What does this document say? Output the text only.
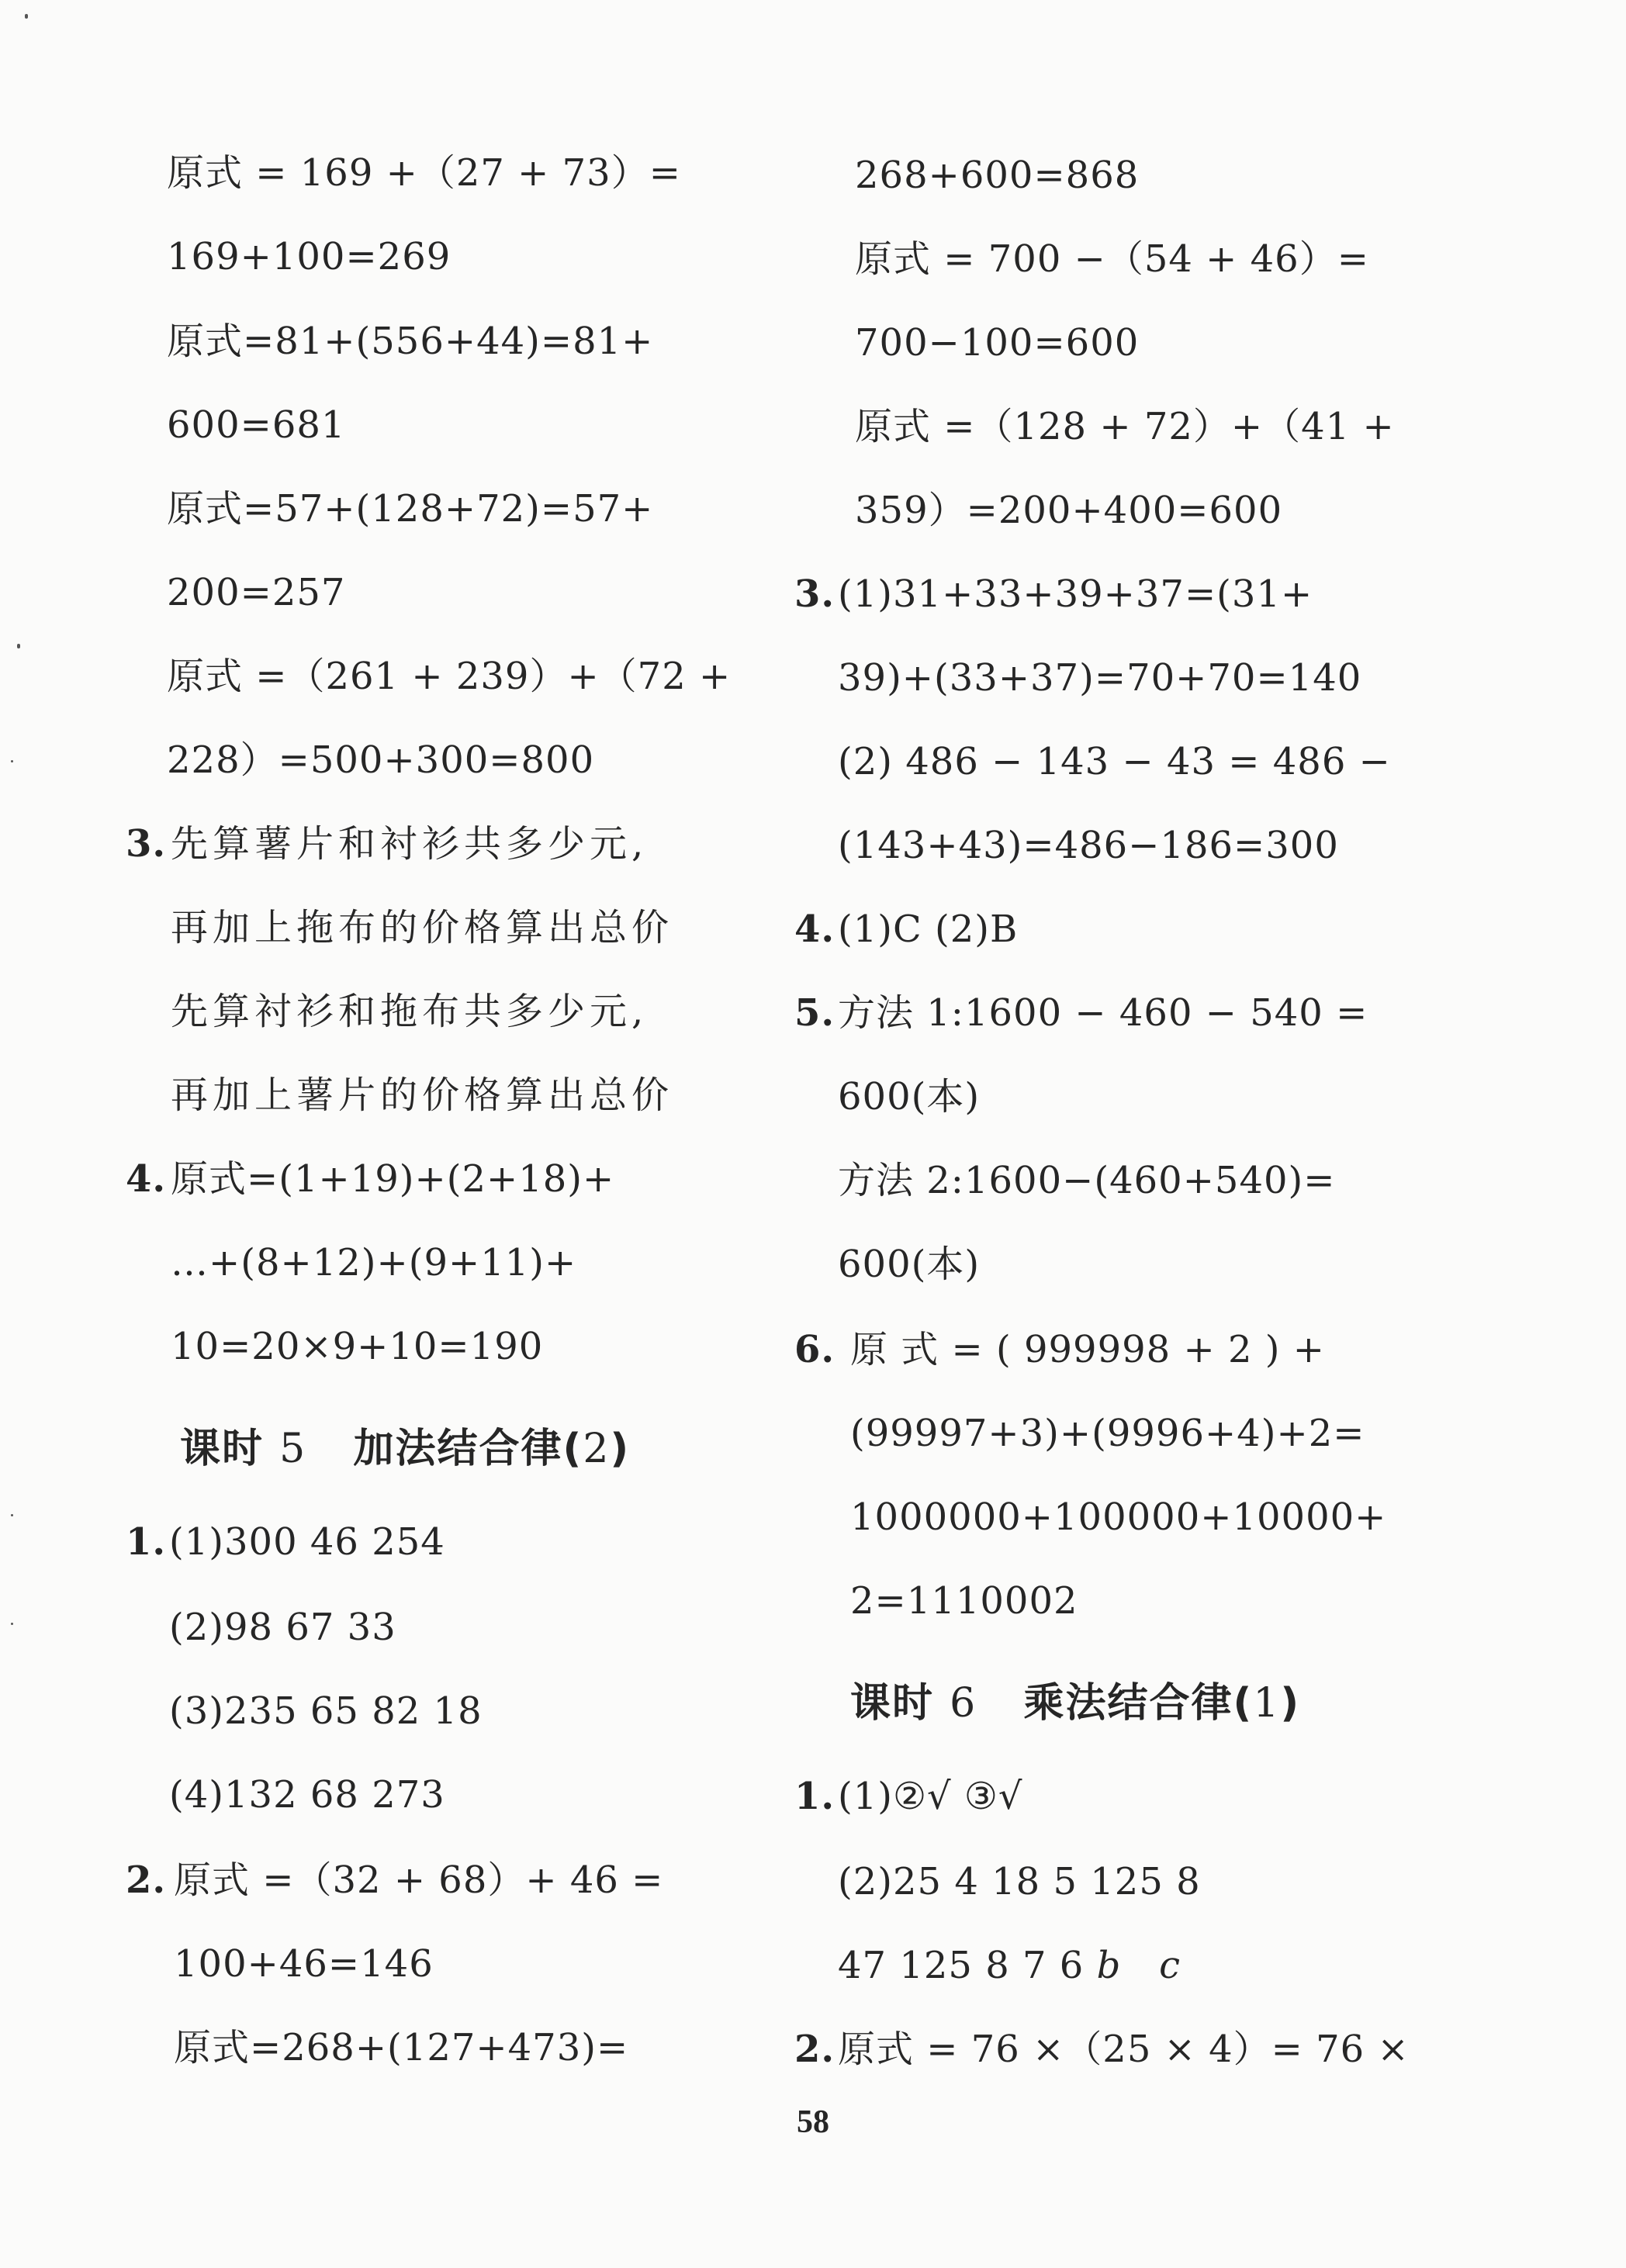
原式 = 169 +（27 + 73）=
169+100=269
原式=81+(556+44)=81+
600=681
原式=57+(128+72)=57+
200=257
原式 =（261 + 239）+（72 +
228）=500+300=800
3. 先算薯片和衬衫共多少元,
再加上拖布的价格算出总价
先算衬衫和拖布共多少元,
再加上薯片的价格算出总价
4. 原式=(1+19)+(2+18)+
…+(8+12)+(9+11)+
10=20×9+10=190
课时 5 加法结合律(2)
1. (1)300 46 254
(2)98 67 33
(3)235 65 82 18
(4)132 68 273
2. 原式 =（32 + 68）+ 46 =
100+46=146
原式=268+(127+473)=
268+600=868
原式 = 700 −（54 + 46）=
700−100=600
原式 =（128 + 72）+（41 +
359）=200+400=600
3. (1)31+33+39+37=(31+
39)+(33+37)=70+70=140
(2) 486 − 143 − 43 = 486 −
(143+43)=486−186=300
4. (1)C (2)B
5. 方法 1:1600 − 460 − 540 =
600(本)
方法 2:1600−(460+540)=
600(本)
6. 原 式 = ( 999998 + 2 ) +
(99997+3)+(9996+4)+2=
1000000+100000+10000+
2=1110002
课时 6 乘法结合律(1)
1. (1)②√ ③√
(2)25 4 18 5 125 8
47 125 8 7 6 b c
2. 原式 = 76 ×（25 × 4）= 76 ×
58
